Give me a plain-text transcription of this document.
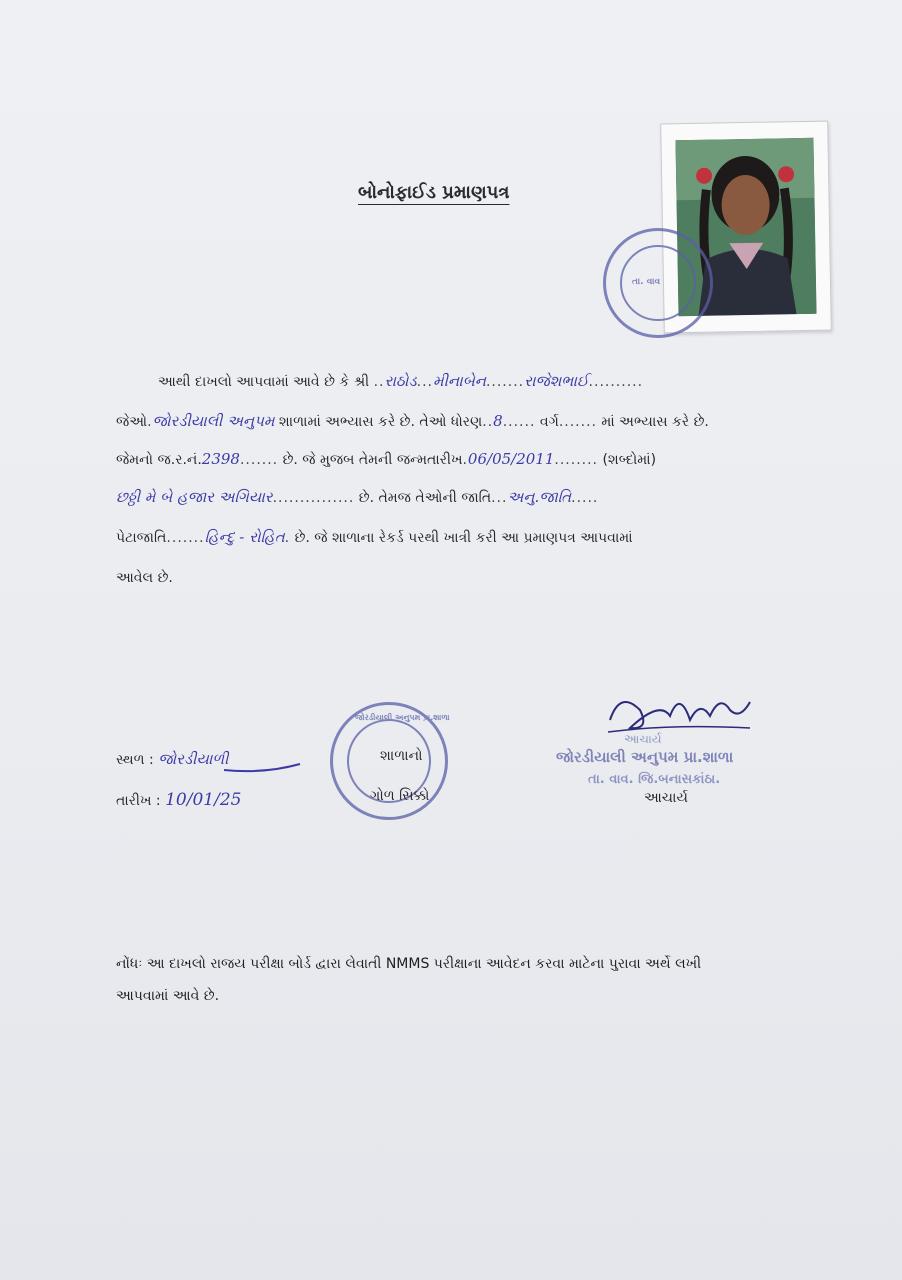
બોનોફાઈડ પ્રમાણપત્ર
તા. વાવ
આથી દાખલો આપવામાં આવે છે કે શ્રી ..રાઠોડ...મીનાબેન.......રાજેશભાઈ..........
જેઓ.જોરડીયાલી અનુપમ શાળામાં અભ્યાસ કરે છે. તેઓ ધોરણ..8...... વર્ગ....... માં અભ્યાસ કરે છે.
જેમનો જ.ર.નં.2398....... છે. જે મુજબ તેમની જન્મતારીખ.06/05/2011........ (શબ્દોમાં)
છઠ્ઠી મે બે હજાર અગિયાર............... છે. તેમજ તેઓની જાતિ...અનુ.જાતિ.....
પેટાજાતિ.......હિન્દુ - રોહિત. છે. જે શાળાના રેકર્ડ પરથી ખાત્રી કરી આ પ્રમાણપત્ર આપવામાં
આવેલ છે.
સ્થળ : જોરડીયાળી
તારીખ : 10/01/25
જોરડીયાલી અનુપમ પ્રા.શાળા
શાળાનો
ગોળ સિક્કો
આચાર્ય
જોરડીયાલી અનુપમ પ્રા.શાળા
તા. વાવ. જિ.બનાસકાંઠા.
આચાર્ય
નોંધઃ આ દાખલો રાજય પરીક્ષા બોર્ડ દ્વારા લેવાતી NMMS પરીક્ષાના આવેદન કરવા માટેના પુરાવા અર્થે લખી
આપવામાં આવે છે.
